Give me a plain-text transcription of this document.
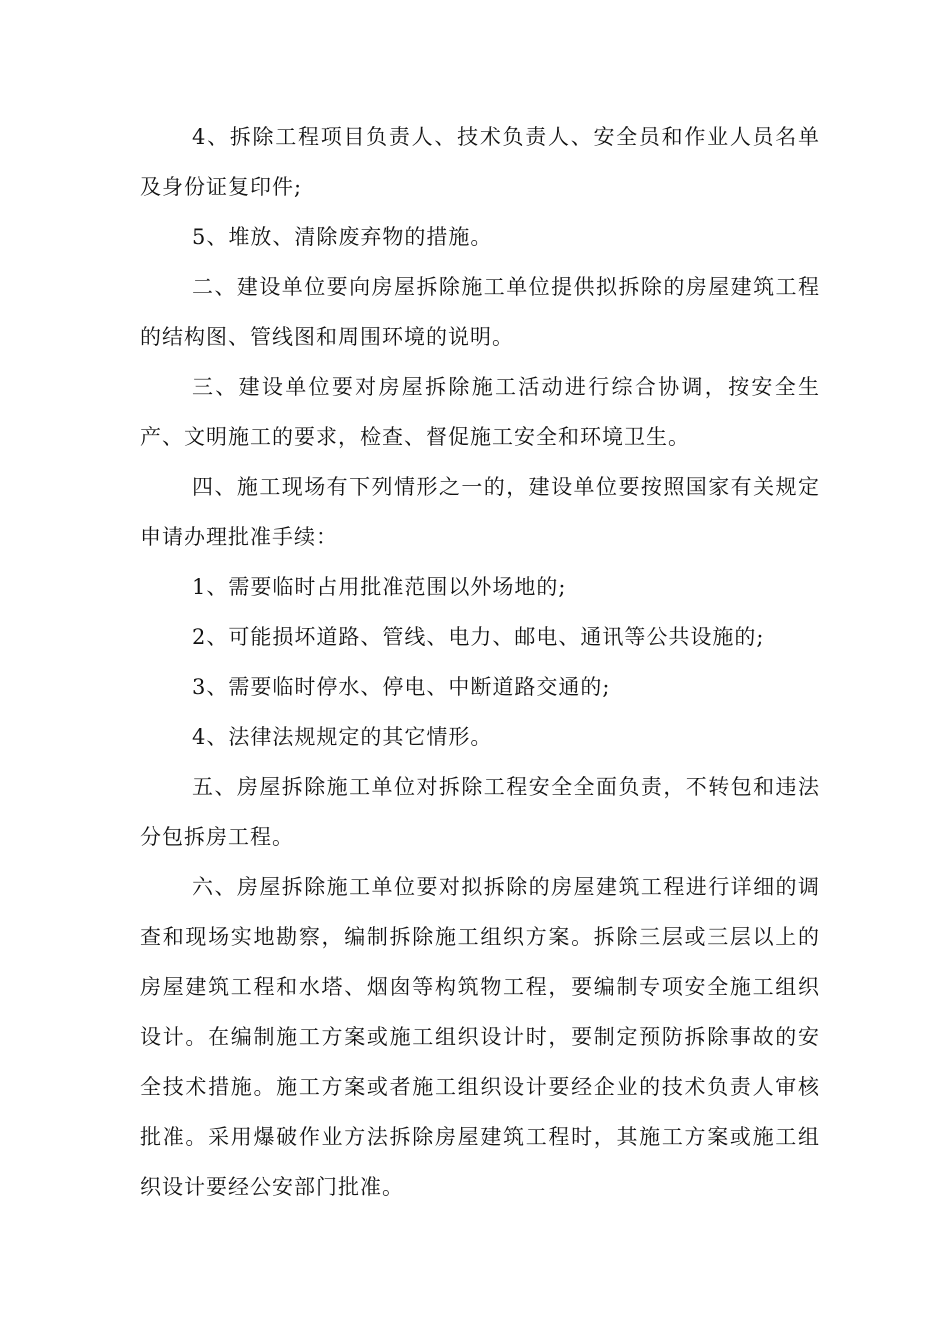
4、拆除工程项目负责人、技术负责人、安全员和作业人员名单及身份证复印件;

5、堆放、清除废弃物的措施。

二、建设单位要向房屋拆除施工单位提供拟拆除的房屋建筑工程的结构图、管线图和周围环境的说明。

三、建设单位要对房屋拆除施工活动进行综合协调，按安全生产、文明施工的要求，检查、督促施工安全和环境卫生。

四、施工现场有下列情形之一的，建设单位要按照国家有关规定申请办理批准手续：

1、需要临时占用批准范围以外场地的;

2、可能损坏道路、管线、电力、邮电、通讯等公共设施的;

3、需要临时停水、停电、中断道路交通的;

4、法律法规规定的其它情形。

五、房屋拆除施工单位对拆除工程安全全面负责，不转包和违法分包拆房工程。

六、房屋拆除施工单位要对拟拆除的房屋建筑工程进行详细的调查和现场实地勘察，编制拆除施工组织方案。拆除三层或三层以上的房屋建筑工程和水塔、烟囱等构筑物工程，要编制专项安全施工组织设计。在编制施工方案或施工组织设计时，要制定预防拆除事故的安全技术措施。施工方案或者施工组织设计要经企业的技术负责人审核批准。采用爆破作业方法拆除房屋建筑工程时，其施工方案或施工组织设计要经公安部门批准。
